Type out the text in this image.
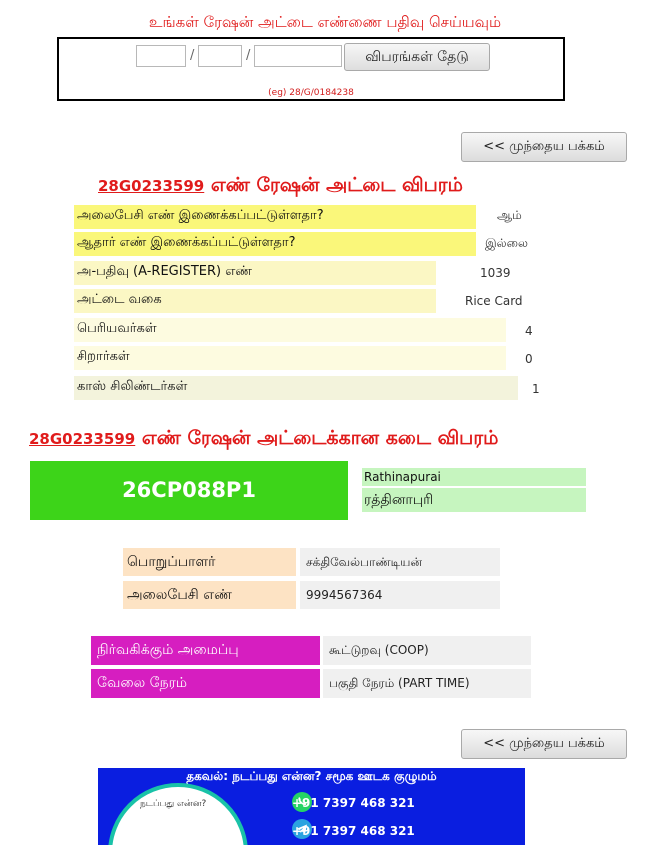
உங்கள் ரேஷன் அட்டை எண்ணை பதிவு செய்யவும்
/	/	விபரங்கள் தேடு
(eg) 28/G/0184238
<< முந்தைய பக்கம்
28G0233599 எண் ரேஷன் அட்டை விபரம்
அலைபேசி எண் இணைக்கப்பட்டுள்ளதா?	ஆம்
ஆதார் எண் இணைக்கப்பட்டுள்ளதா?	இல்லை
அ-பதிவு (A-REGISTER) எண்	1039
அட்டை வகை	Rice Card
பெரியவர்கள்	4
சிறார்கள்	0
காஸ் சிலிண்டர்கள்	1
28G0233599 எண் ரேஷன் அட்டைக்கான கடை விபரம்
26CP088P1
Rathinapurai
ரத்தினாபுரி
பொறுப்பாளர்	சக்திவேல்பாண்டியன்
அலைபேசி எண்	9994567364
நிர்வகிக்கும் அமைப்பு	கூட்டுறவு (COOP)
வேலை நேரம்	பகுதி நேரம் (PART TIME)
<< முந்தைய பக்கம்
தகவல்: நடப்பது என்ன? சமூக ஊடக குழுமம்
நடப்பது என்ன?	+91 7397 468 321
+91 7397 468 321
